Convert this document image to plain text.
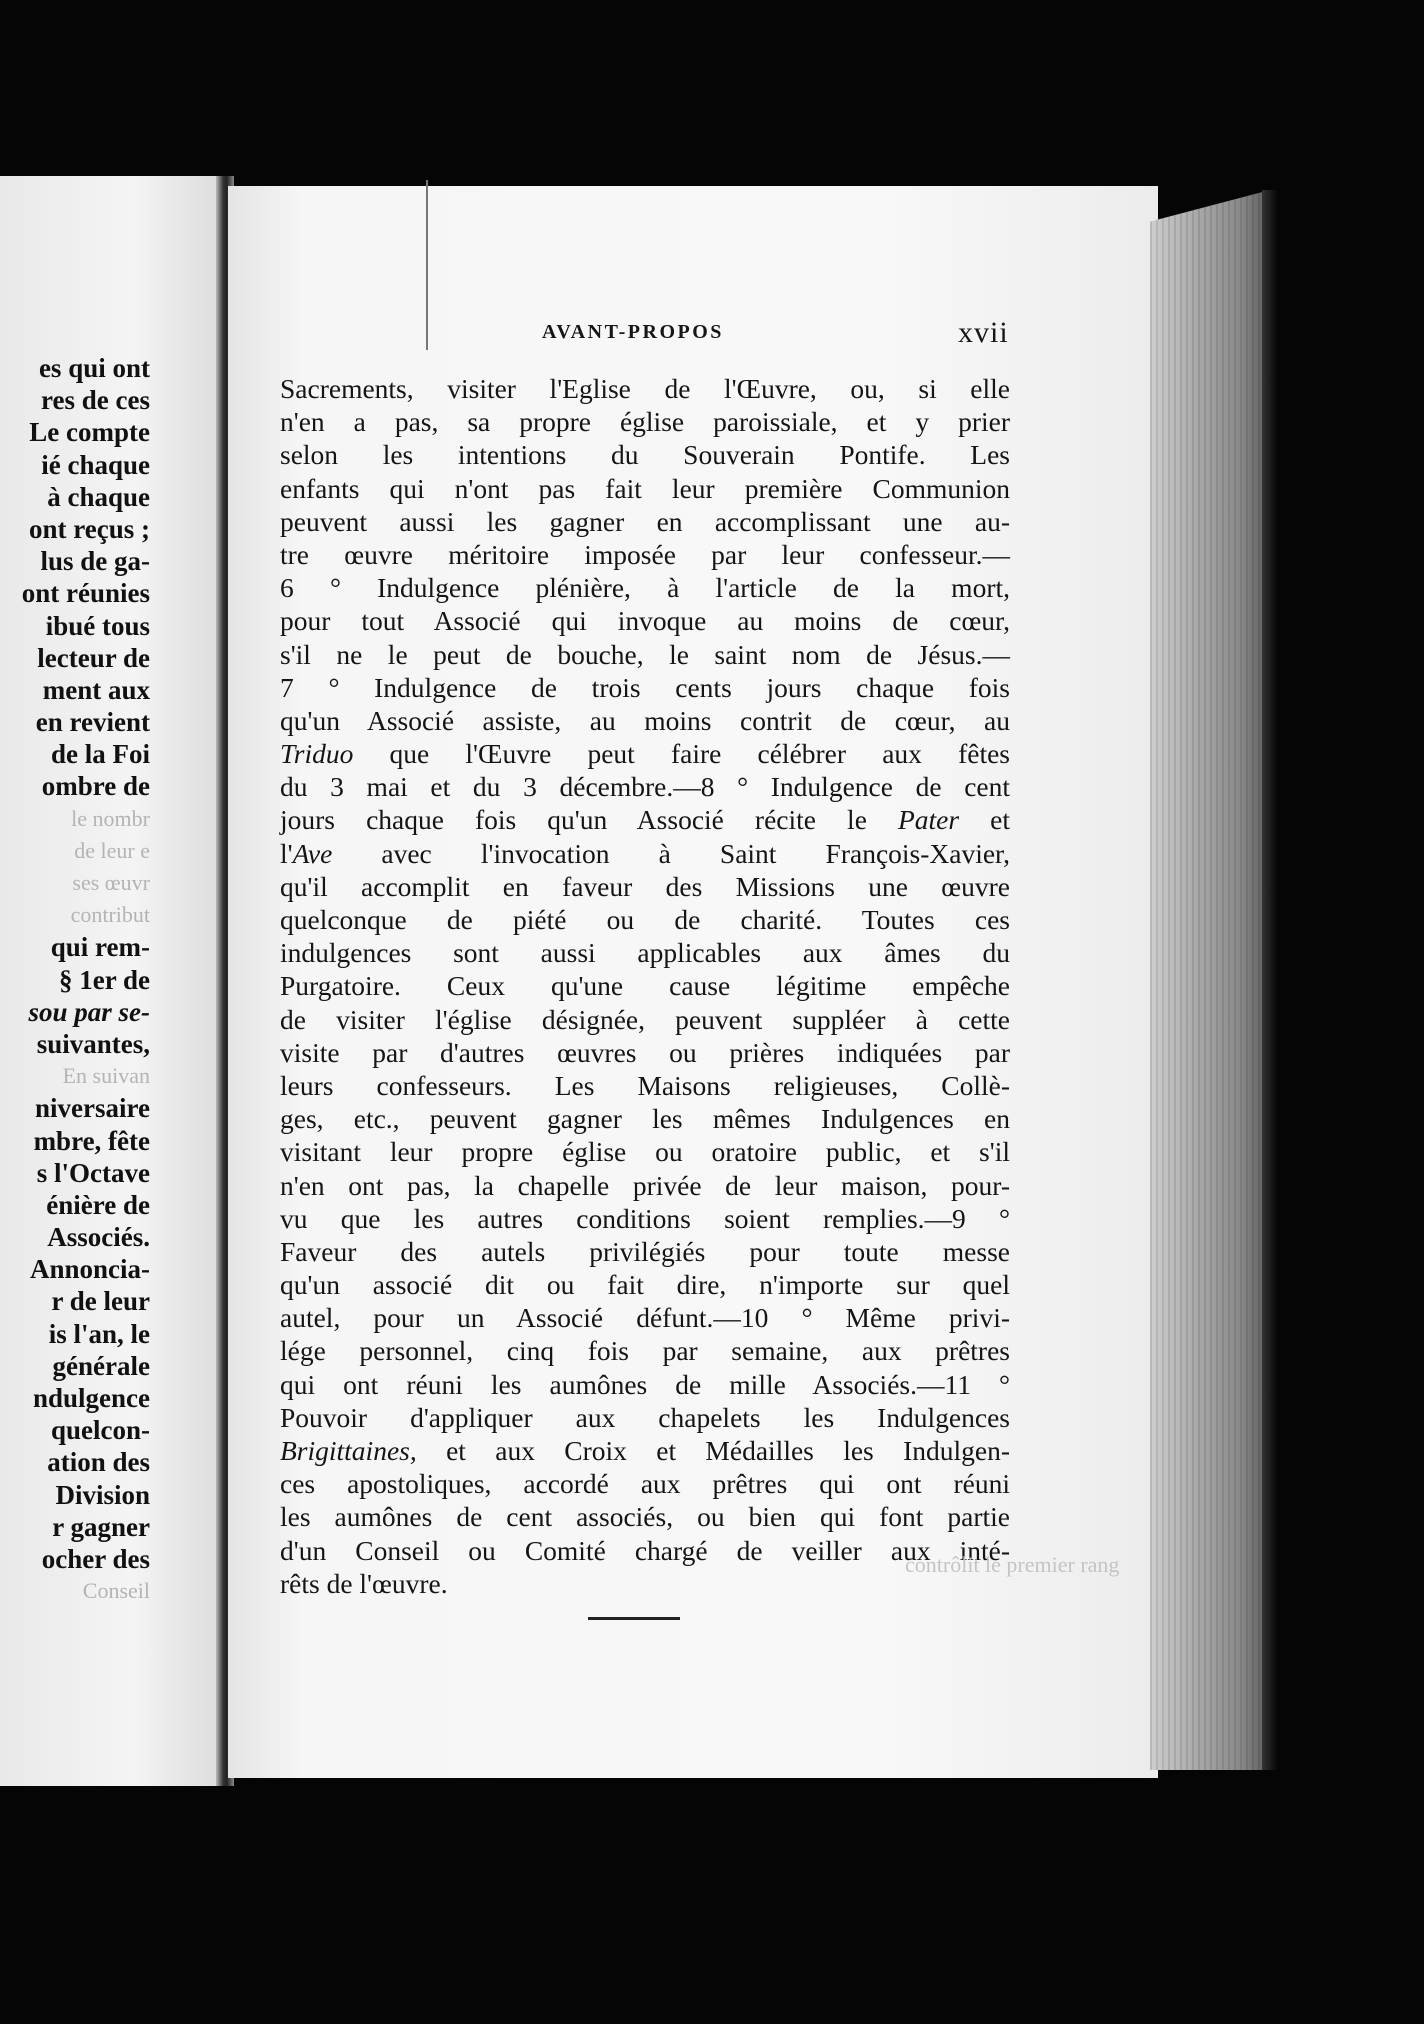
es qui ont
res de ces
Le compte
ié chaque
à chaque
ont reçus ;
lus de ga-
ont réunies
ibué tous
lecteur de
ment aux
en revient
de la Foi
ombre de
le nombr
de leur e
ses œuvr
contribut
qui rem-
§ 1er de
sou par se-
suivantes,
En suivan
niversaire
mbre, fête
s l'Octave
énière de
Associés.
Annoncia-
r de leur
is l'an, le
générale
ndulgence
quelcon-
ation des
Division
r gagner
ocher des
Conseil
AVANT-PROPOS	xvii
Sacrements, visiter l'Eglise de l'Œuvre, ou, si elle
n'en a pas, sa propre église paroissiale, et y prier
selon les intentions du Souverain Pontife. Les
enfants qui n'ont pas fait leur première Communion
peuvent aussi les gagner en accomplissant une au-
tre œuvre méritoire imposée par leur confesseur.—
6 ° Indulgence plénière, à l'article de la mort,
pour tout Associé qui invoque au moins de cœur,
s'il ne le peut de bouche, le saint nom de Jésus.—
7 ° Indulgence de trois cents jours chaque fois
qu'un Associé assiste, au moins contrit de cœur, au
Triduo que l'Œuvre peut faire célébrer aux fêtes
du 3 mai et du 3 décembre.—8 ° Indulgence de cent
jours chaque fois qu'un Associé récite le Pater et
l'Ave avec l'invocation à Saint François-Xavier,
qu'il accomplit en faveur des Missions une œuvre
quelconque de piété ou de charité. Toutes ces
indulgences sont aussi applicables aux âmes du
Purgatoire. Ceux qu'une cause légitime empêche
de visiter l'église désignée, peuvent suppléer à cette
visite par d'autres œuvres ou prières indiquées par
leurs confesseurs. Les Maisons religieuses, Collè-
ges, etc., peuvent gagner les mêmes Indulgences en
visitant leur propre église ou oratoire public, et s'il
n'en ont pas, la chapelle privée de leur maison, pour-
vu que les autres conditions soient remplies.—9 °
Faveur des autels privilégiés pour toute messe
qu'un associé dit ou fait dire, n'importe sur quel
autel, pour un Associé défunt.—10 ° Même privi-
lége personnel, cinq fois par semaine, aux prêtres
qui ont réuni les aumônes de mille Associés.—11 °
Pouvoir d'appliquer aux chapelets les Indulgences
Brigittaines, et aux Croix et Médailles les Indulgen-
ces apostoliques, accordé aux prêtres qui ont réuni
les aumônes de cent associés, ou bien qui font partie
d'un Conseil ou Comité chargé de veiller aux inté-
rêts de l'œuvre.
contrôlit le premier rang
